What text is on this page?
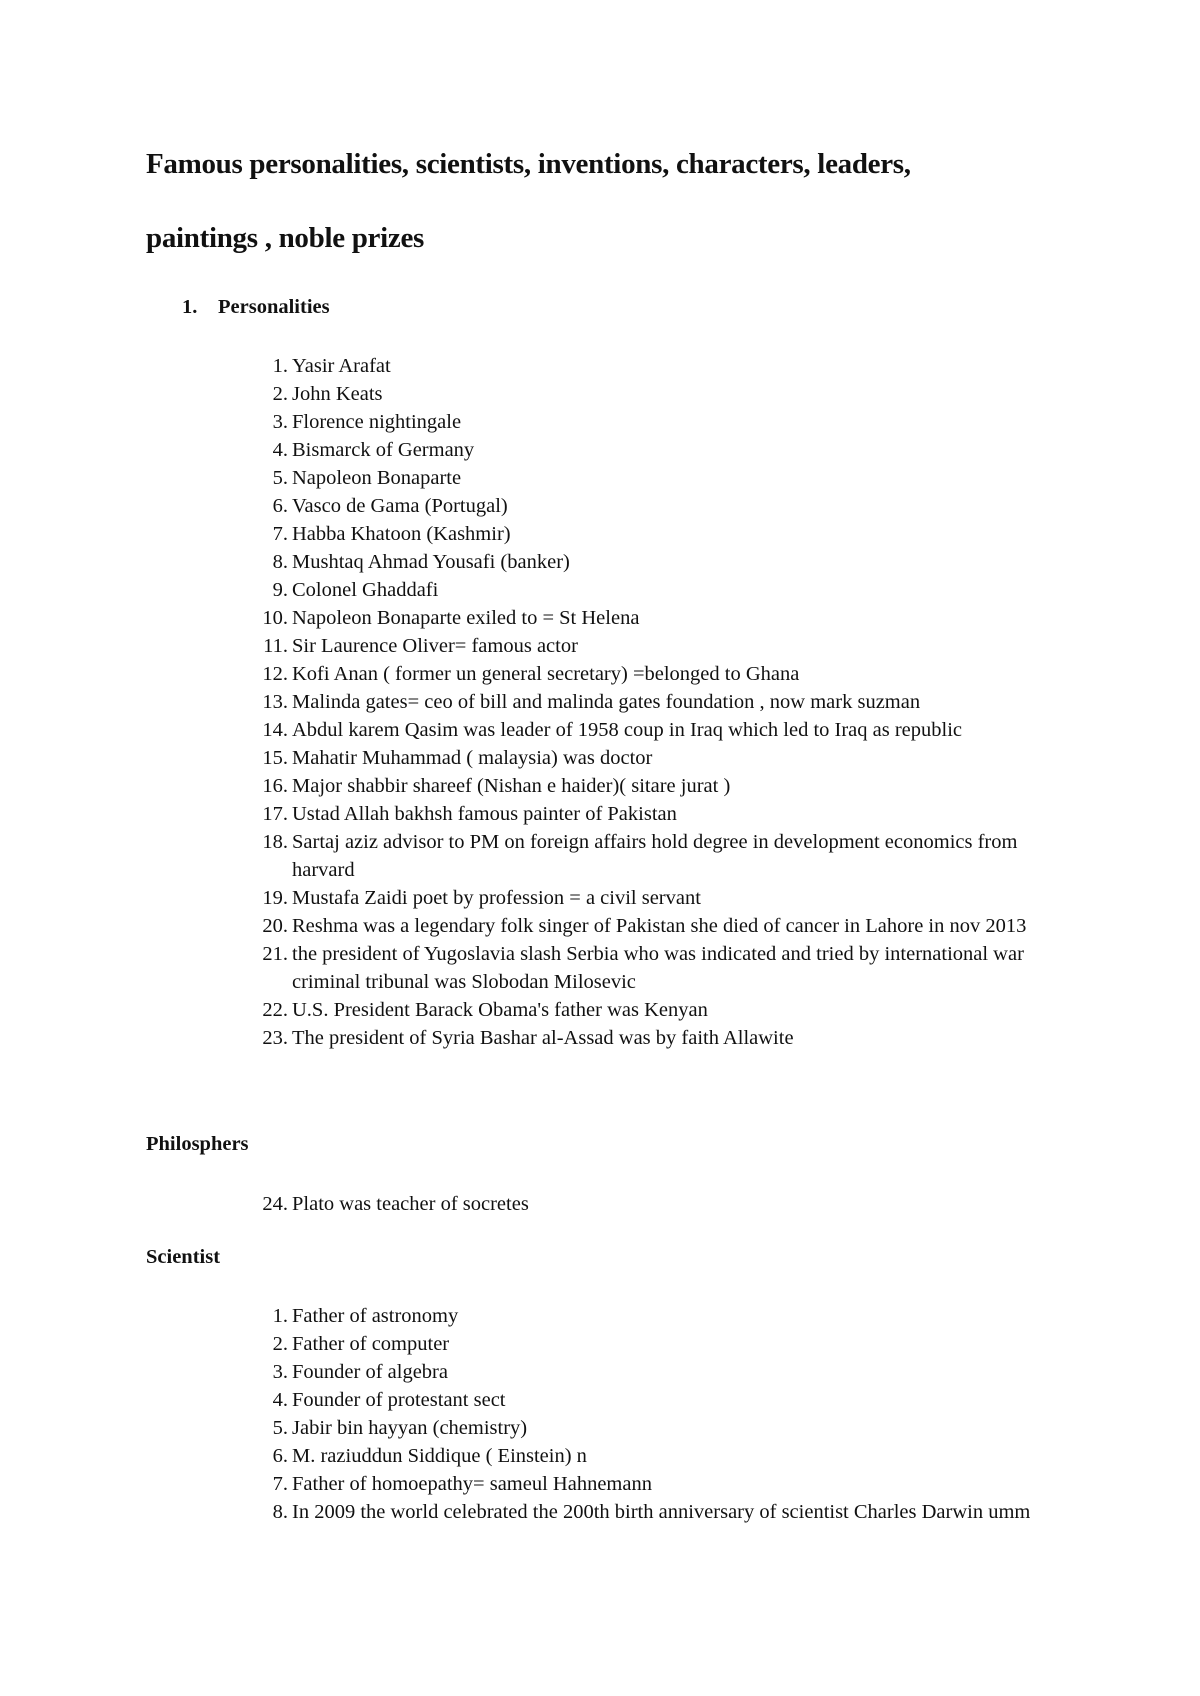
Famous personalities, scientists, inventions, characters, leaders,
paintings , noble prizes
1. Personalities
1. Yasir Arafat
2. John Keats
3. Florence nightingale
4. Bismarck of Germany
5. Napoleon Bonaparte
6. Vasco de Gama (Portugal)
7. Habba Khatoon (Kashmir)
8. Mushtaq Ahmad Yousafi (banker)
9. Colonel Ghaddafi
10. Napoleon Bonaparte exiled to = St Helena
11. Sir Laurence Oliver= famous actor
12. Kofi Anan ( former un general secretary) =belonged to Ghana
13. Malinda gates= ceo of bill and malinda gates foundation , now mark suzman
14. Abdul karem Qasim was leader of 1958 coup in Iraq which led to Iraq as republic
15. Mahatir Muhammad ( malaysia) was doctor
16. Major shabbir shareef (Nishan e haider)( sitare jurat )
17. Ustad Allah bakhsh famous painter of Pakistan
18. Sartaj aziz advisor to PM on foreign affairs hold degree in development economics from harvard
19. Mustafa Zaidi poet by profession = a civil servant
20. Reshma was a legendary folk singer of Pakistan she died of cancer in Lahore in nov 2013
21. the president of Yugoslavia slash Serbia who was indicated and tried by international war criminal tribunal was Slobodan Milosevic
22. U.S. President Barack Obama's father was Kenyan
23. The president of Syria Bashar al-Assad was by faith Allawite
Philosphers
24. Plato was teacher of socretes
Scientist
1. Father of astronomy
2. Father of computer
3. Founder of algebra
4. Founder of protestant sect
5. Jabir bin hayyan (chemistry)
6. M. raziuddun Siddique ( Einstein) n
7. Father of homoepathy= sameul Hahnemann
8. In 2009 the world celebrated the 200th birth anniversary of scientist Charles Darwin umm
